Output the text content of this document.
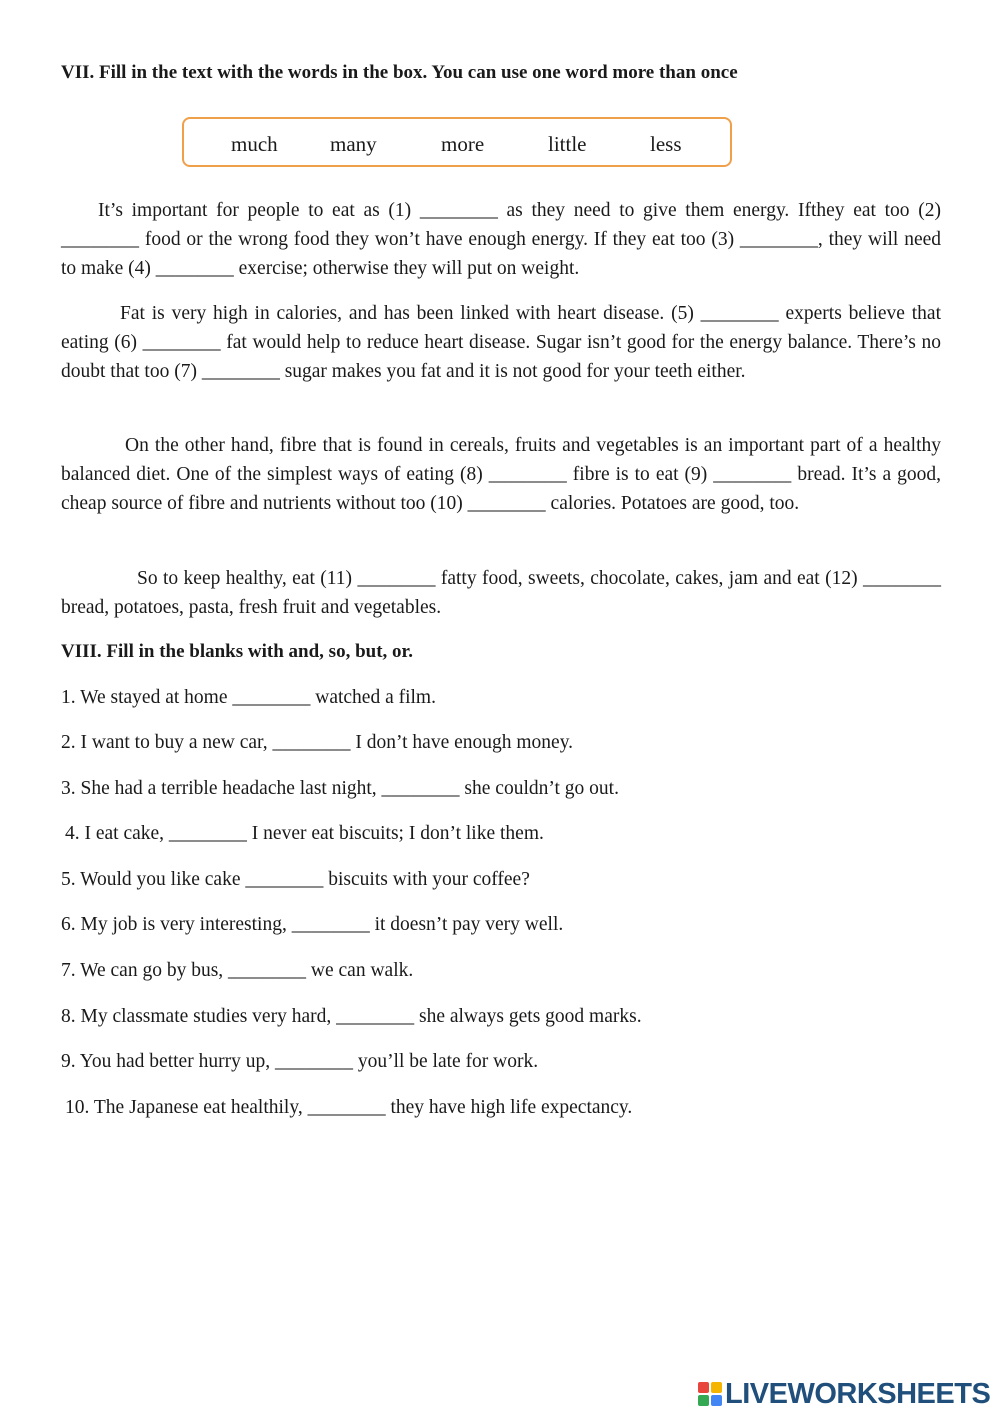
VII. Fill in the text with the words in the box. You can use one word more than once
much many	more	little	less

It’s important for people to eat as (1) ________ as they need to give them energy. Ifthey eat too (2) ________ food or the wrong food they won’t have enough energy. If they eat too (3) ________, they will need to make (4) ________ exercise; otherwise they will put on weight.

Fat is very high in calories, and has been linked with heart disease. (5) ________ experts believe that eating (6) ________ fat would help to reduce heart disease. Sugar isn’t good for the energy balance. There’s no doubt that too (7) ________ sugar makes you fat and it is not good for your teeth either.

On the other hand, fibre that is found in cereals, fruits and vegetables is an important part of a healthy balanced diet. One of the simplest ways of eating (8) ________ fibre is to eat (9) ________ bread. It’s a good, cheap source of fibre and nutrients without too (10) ________ calories. Potatoes are good, too.

So to keep healthy, eat (11) ________ fatty food, sweets, chocolate, cakes, jam and eat (12) ________ bread, potatoes, pasta, fresh fruit and vegetables.

VIII. Fill in the blanks with and, so, but, or.
1. We stayed at home ________ watched a film.
2. I want to buy a new car, ________ I don’t have enough money.
3. She had a terrible headache last night, ________ she couldn’t go out.
4. I eat cake, ________ I never eat biscuits; I don’t like them.
5. Would you like cake ________ biscuits with your coffee?
6. My job is very interesting, ________ it doesn’t pay very well.
7. We can go by bus, ________ we can walk.
8. My classmate studies very hard, ________ she always gets good marks.
9. You had better hurry up, ________ you’ll be late for work.
10. The Japanese eat healthily, ________ they have high life expectancy.
LIVEWORKSHEETS
